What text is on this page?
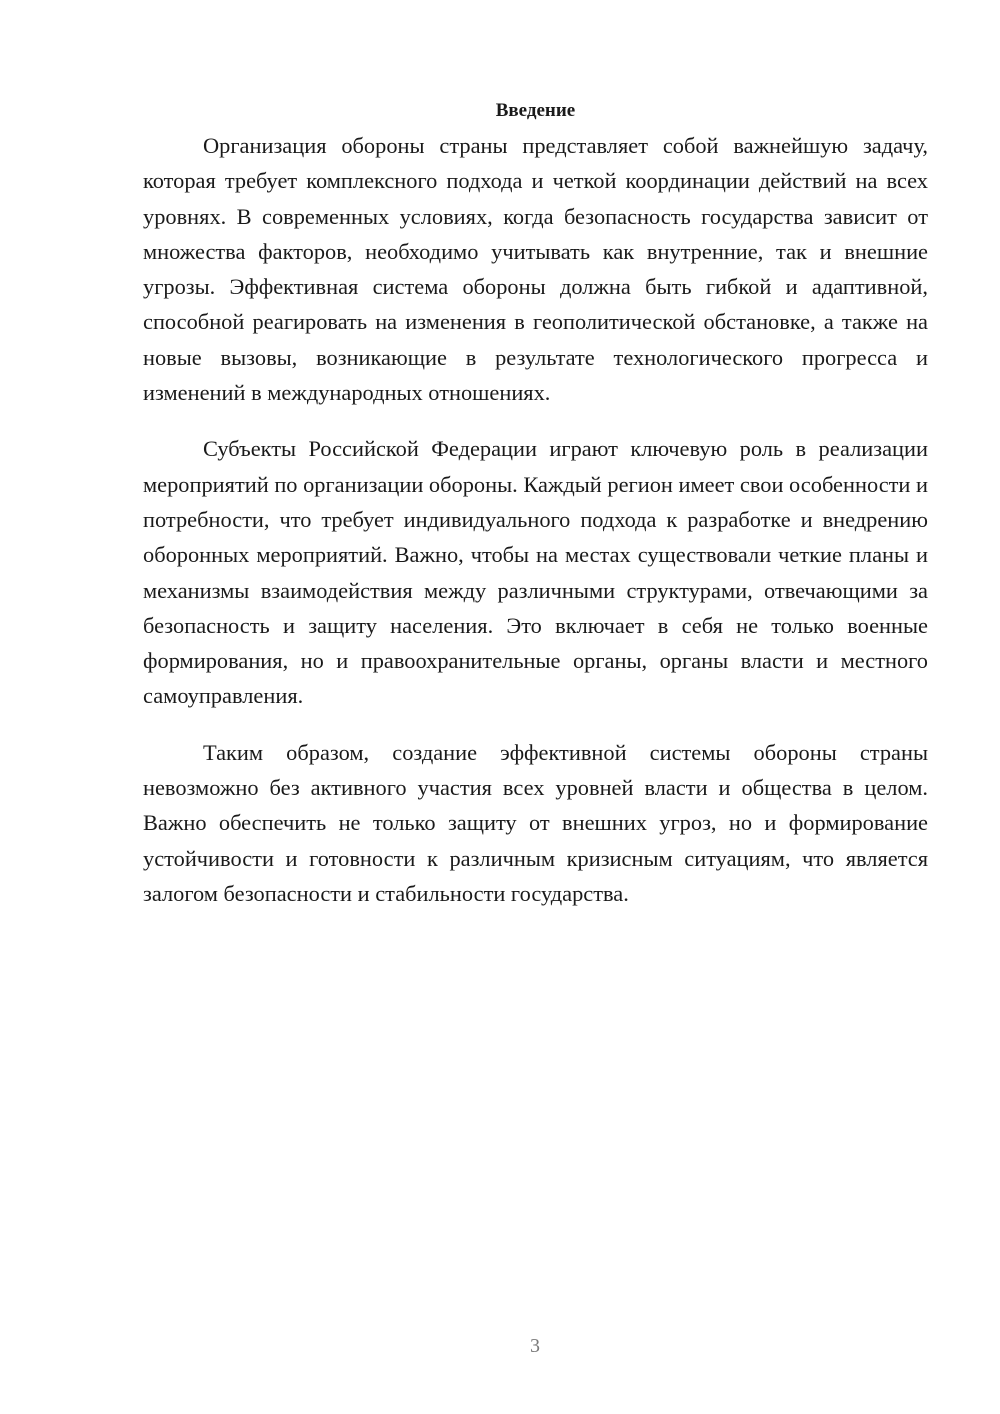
Введение

Организация обороны страны представляет собой важнейшую задачу, которая требует комплексного подхода и четкой координации действий на всех уровнях. В современных условиях, когда безопасность государства зависит от множества факторов, необходимо учитывать как внутренние, так и внешние угрозы. Эффективная система обороны должна быть гибкой и адаптивной, способной реагировать на изменения в геополитической обстановке, а также на новые вызовы, возникающие в результате технологического прогресса и изменений в международных отношениях.

Субъекты Российской Федерации играют ключевую роль в реализации мероприятий по организации обороны. Каждый регион имеет свои особенности и потребности, что требует индивидуального подхода к разработке и внедрению оборонных мероприятий. Важно, чтобы на местах существовали четкие планы и механизмы взаимодействия между различными структурами, отвечающими за безопасность и защиту населения. Это включает в себя не только военные формирования, но и правоохранительные органы, органы власти и местного самоуправления.

Таким образом, создание эффективной системы обороны страны невозможно без активного участия всех уровней власти и общества в целом. Важно обеспечить не только защиту от внешних угроз, но и формирование устойчивости и готовности к различным кризисным ситуациям, что является залогом безопасности и стабильности государства.

3
